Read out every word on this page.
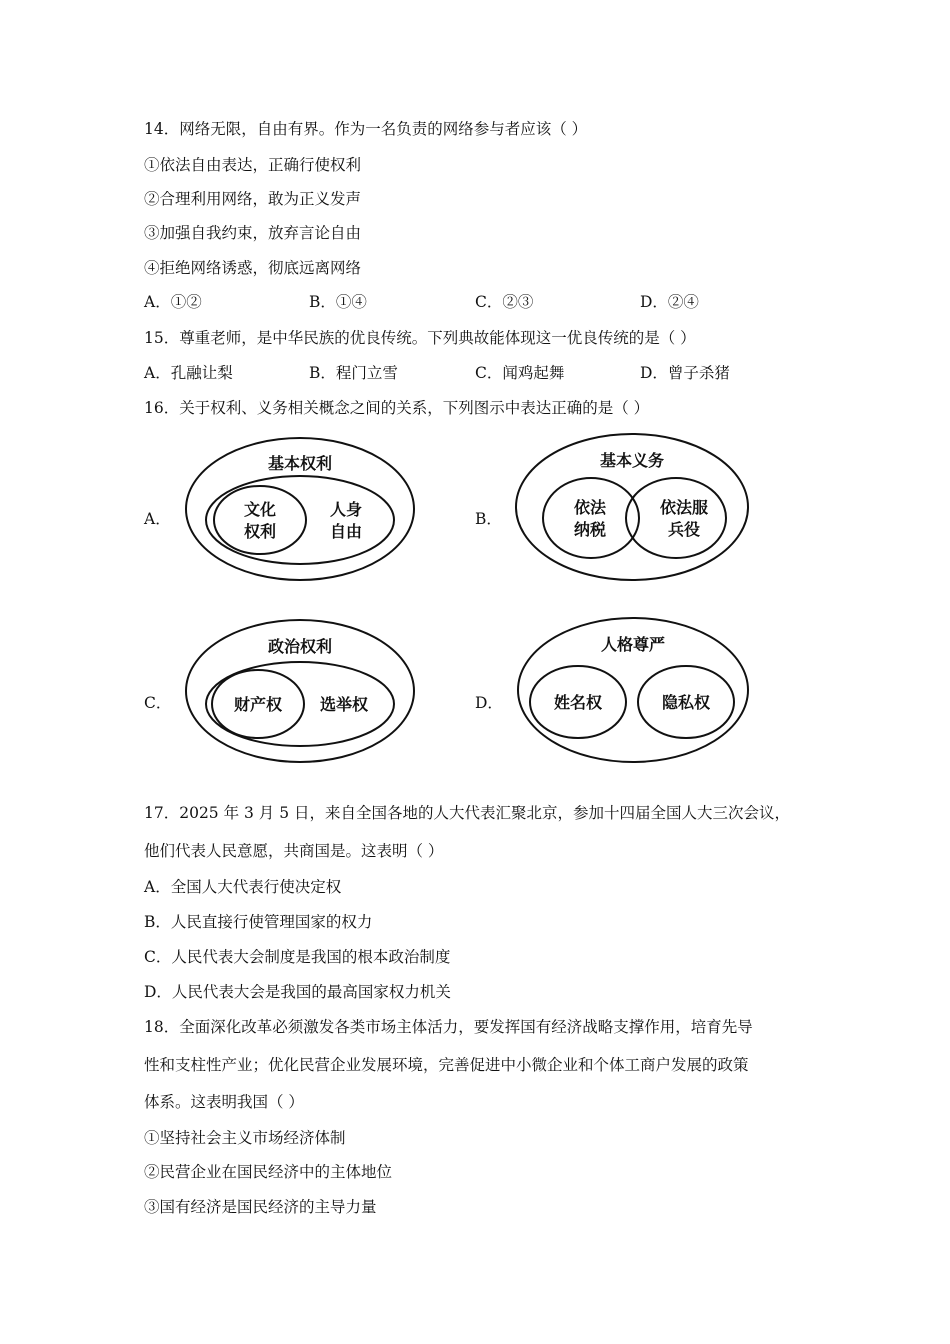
14．网络无限，自由有界。作为一名负责的网络参与者应该（ ）
①依法自由表达，正确行使权利
②合理利用网络，敢为正义发声
③加强自我约束，放弃言论自由
④拒绝网络诱惑，彻底远离网络
A．①②	B．①④	C．②③	D．②④
15．尊重老师，是中华民族的优良传统。下列典故能体现这一优良传统的是（ ）
A．孔融让梨	B．程门立雪	C．闻鸡起舞	D．曾子杀猪
16．关于权利、义务相关概念之间的关系，下列图示中表达正确的是（ ）
A．	B．
C．	D．
基本权利
文化
权利
人身
自由
基本义务
依法
纳税
依法服
兵役
政治权利
财产权 选举权
人格尊严
姓名权	隐私权
17．2025 年 3 月 5 日，来自全国各地的人大代表汇聚北京，参加十四届全国人大三次会议，
他们代表人民意愿，共商国是。这表明（ ）
A．全国人大代表行使决定权
B．人民直接行使管理国家的权力
C．人民代表大会制度是我国的根本政治制度
D．人民代表大会是我国的最高国家权力机关
18．全面深化改革必须激发各类市场主体活力，要发挥国有经济战略支撑作用，培育先导
性和支柱性产业；优化民营企业发展环境，完善促进中小微企业和个体工商户发展的政策
体系。这表明我国（ ）
①坚持社会主义市场经济体制
②民营企业在国民经济中的主体地位
③国有经济是国民经济的主导力量
